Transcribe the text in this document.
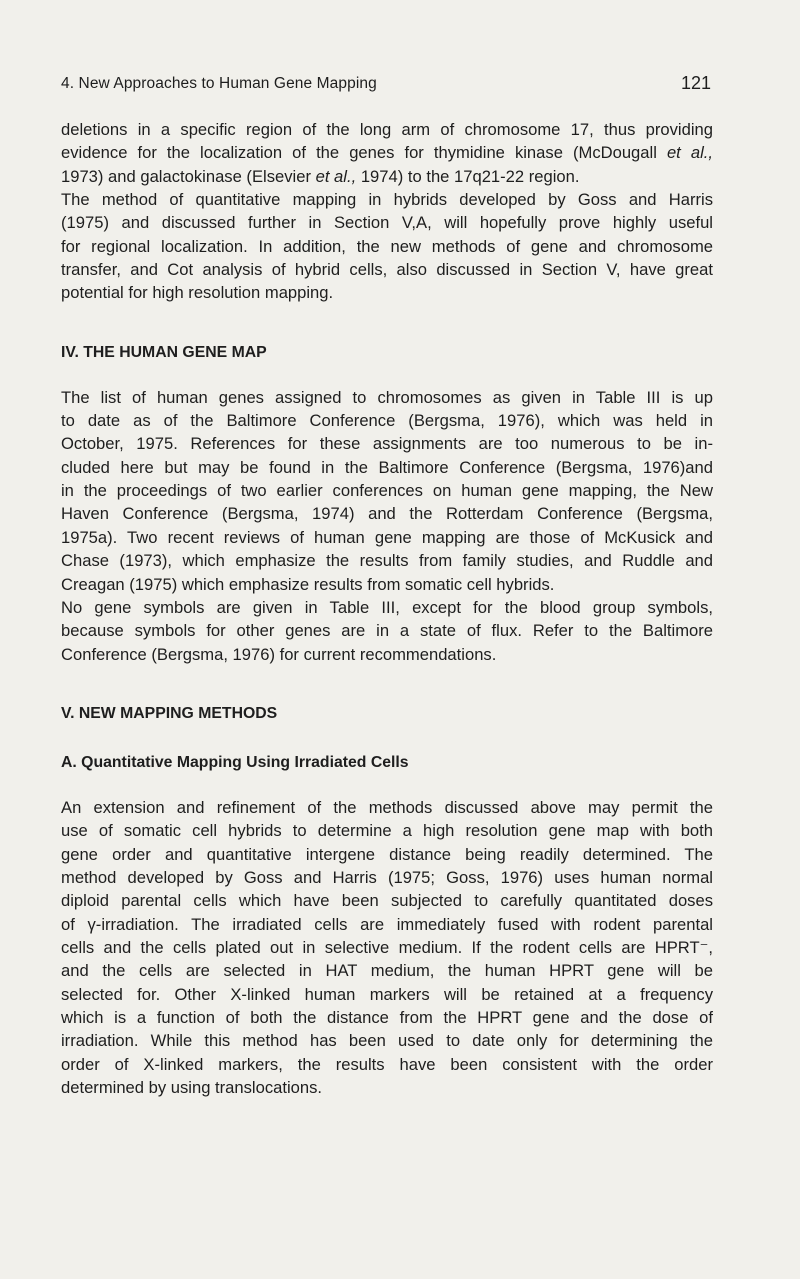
4. New Approaches to Human Gene Mapping	121
deletions in a specific region of the long arm of chromosome 17, thus providing
evidence for the localization of the genes for thymidine kinase (McDougall et al.,
1973) and galactokinase (Elsevier et al., 1974) to the 17q21-22 region.
The method of quantitative mapping in hybrids developed by Goss and Harris
(1975) and discussed further in Section V,A, will hopefully prove highly useful
for regional localization. In addition, the new methods of gene and chromosome
transfer, and Cot analysis of hybrid cells, also discussed in Section V, have great
potential for high resolution mapping.
IV. THE HUMAN GENE MAP
The list of human genes assigned to chromosomes as given in Table III is up
to date as of the Baltimore Conference (Bergsma, 1976), which was held in
October, 1975. References for these assignments are too numerous to be in-
cluded here but may be found in the Baltimore Conference (Bergsma, 1976)and
in the proceedings of two earlier conferences on human gene mapping, the New
Haven Conference (Bergsma, 1974) and the Rotterdam Conference (Bergsma,
1975a). Two recent reviews of human gene mapping are those of McKusick and
Chase (1973), which emphasize the results from family studies, and Ruddle and
Creagan (1975) which emphasize results from somatic cell hybrids.
No gene symbols are given in Table III, except for the blood group symbols,
because symbols for other genes are in a state of flux. Refer to the Baltimore
Conference (Bergsma, 1976) for current recommendations.
V. NEW MAPPING METHODS
A. Quantitative Mapping Using Irradiated Cells
An extension and refinement of the methods discussed above may permit the
use of somatic cell hybrids to determine a high resolution gene map with both
gene order and quantitative intergene distance being readily determined. The
method developed by Goss and Harris (1975; Goss, 1976) uses human normal
diploid parental cells which have been subjected to carefully quantitated doses
of γ-irradiation. The irradiated cells are immediately fused with rodent parental
cells and the cells plated out in selective medium. If the rodent cells are HPRT⁻,
and the cells are selected in HAT medium, the human HPRT gene will be
selected for. Other X-linked human markers will be retained at a frequency
which is a function of both the distance from the HPRT gene and the dose of
irradiation. While this method has been used to date only for determining the
order of X-linked markers, the results have been consistent with the order
determined by using translocations.
